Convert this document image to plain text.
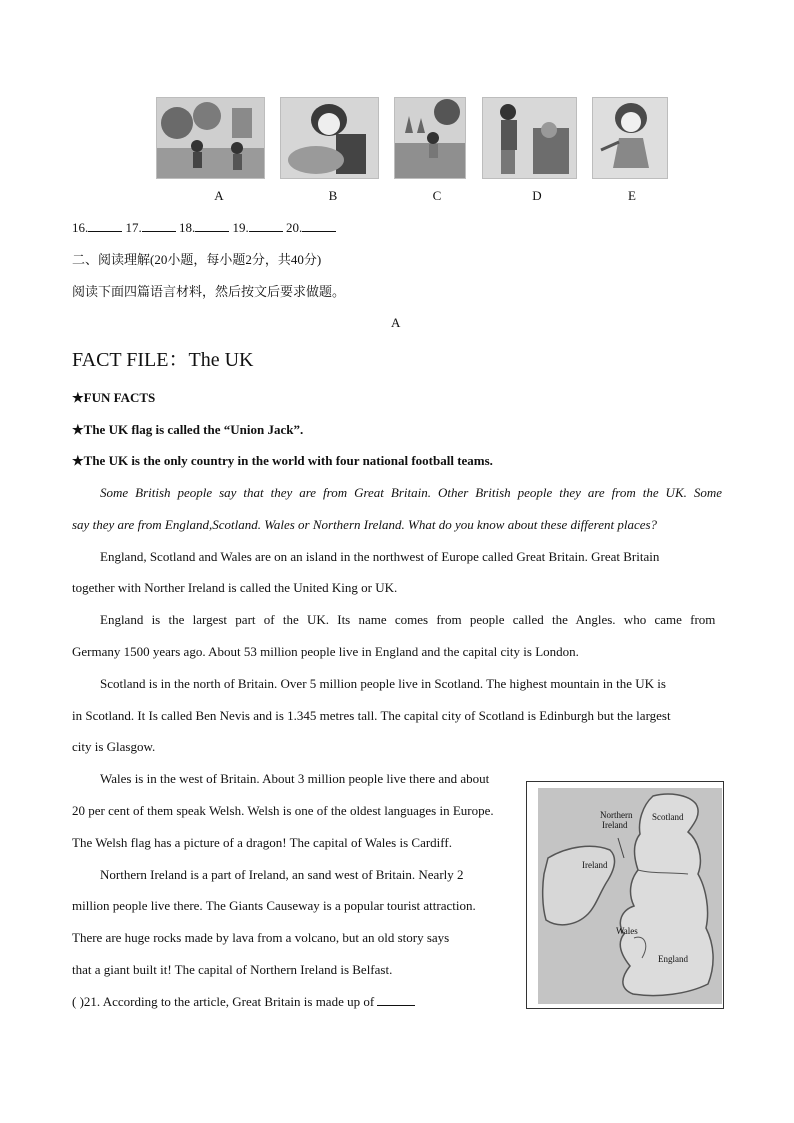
A	B	C	D	E
16.	17.	18.	19.	20.
二、阅读理解(20小题，每小题2分，共40分)
阅读下面四篇语言材料，然后按文后要求做题。
A
FACT FILE：The UK
★FUN FACTS
★The UK flag is called the “Union Jack”.
★The UK is the only country in the world with four national football teams.
Some British people say that they are from Great Britain. Other British people they are from the UK. Some
say they are from England,Scotland. Wales or Northern Ireland. What do you know about these different places?
England, Scotland and Wales are on an island in the northwest of Europe called Great Britain. Great Britain
together with Norther Ireland is called the United King or UK.
England is the largest part of the UK. Its name comes from people called the Angles. who came from
Germany 1500 years ago. About 53 million people live in England and the capital city is London.
Scotland is in the north of Britain. Over 5 million people live in Scotland. The highest mountain in the UK is
in Scotland. It Is called Ben Nevis and is 1.345 metres tall. The capital city of Scotland is Edinburgh but the largest
city is Glasgow.
Wales is in the west of Britain. About 3 million people live there and about
20 per cent of them speak Welsh. Welsh is one of the oldest languages in Europe.
The Welsh flag has a picture of a dragon! The capital of Wales is Cardiff.
Northern Ireland is a part of Ireland, an sand west of Britain. Nearly 2
million people live there. The Giants Causeway is a popular tourist attraction.
There are huge rocks made by lava from a volcano, but an old story says
that a giant built it! The capital of Northern Ireland is Belfast.
( )21. According to the article, Great Britain is made up of
Northern
Ireland
Scotland
Ireland
Wales
England
